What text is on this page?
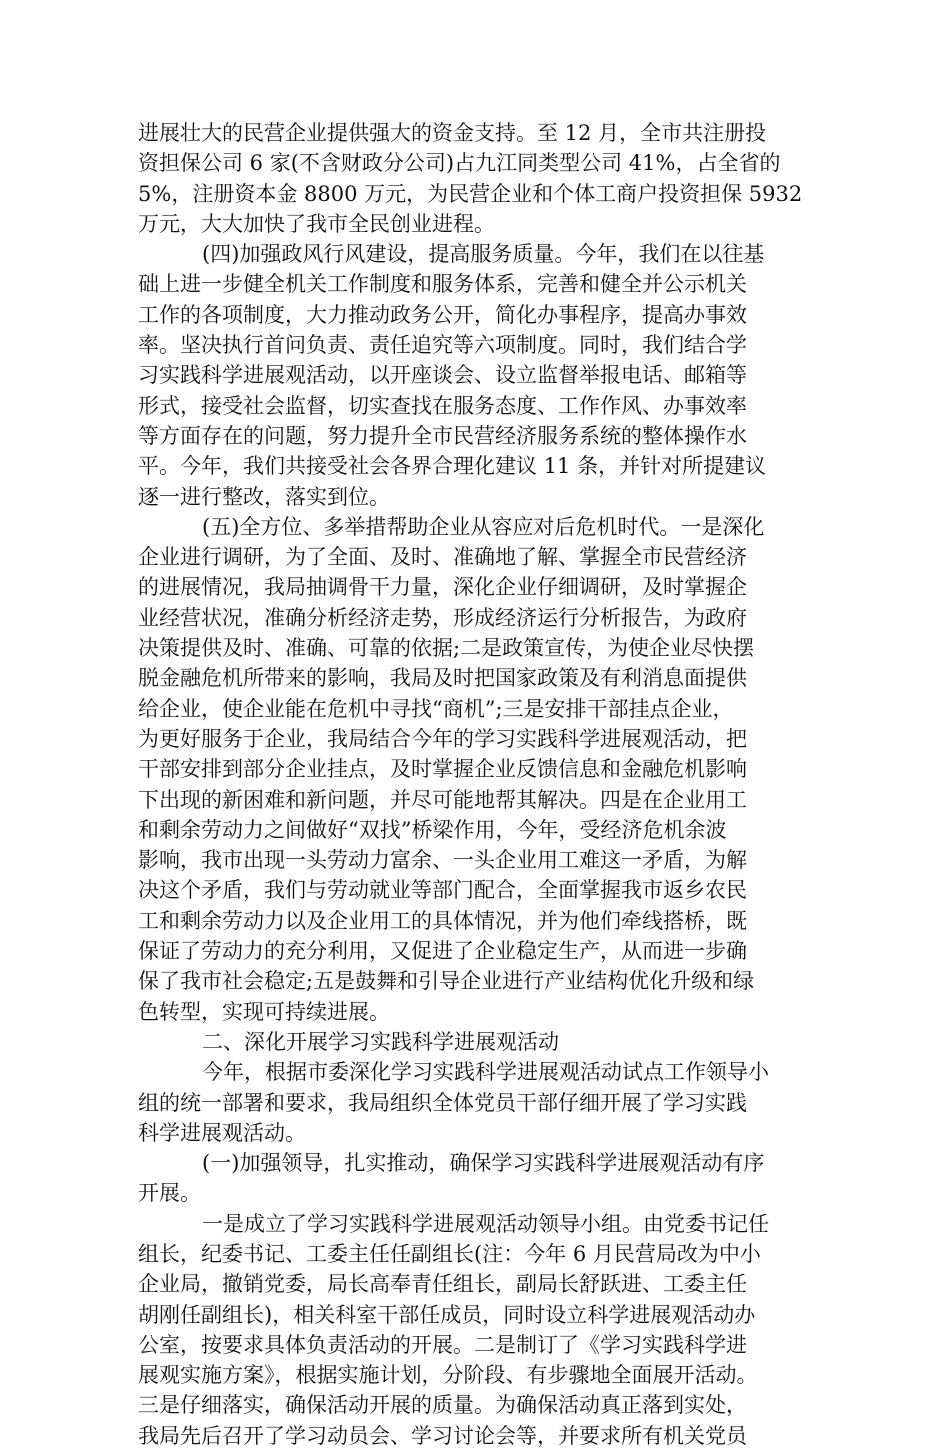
进展壮大的民营企业提供强大的资金支持。至 12 月，全市共注册投
资担保公司 6 家(不含财政分公司)占九江同类型公司 41%，占全省的
5%，注册资本金 8800 万元，为民营企业和个体工商户投资担保 5932
万元，大大加快了我市全民创业进程。
(四)加强政风行风建设，提高服务质量。今年，我们在以往基
础上进一步健全机关工作制度和服务体系，完善和健全并公示机关
工作的各项制度，大力推动政务公开，简化办事程序，提高办事效
率。坚决执行首问负责、责任追究等六项制度。同时，我们结合学
习实践科学进展观活动，以开座谈会、设立监督举报电话、邮箱等
形式，接受社会监督，切实查找在服务态度、工作作风、办事效率
等方面存在的问题，努力提升全市民营经济服务系统的整体操作水
平。今年，我们共接受社会各界合理化建议 11 条，并针对所提建议
逐一进行整改，落实到位。
(五)全方位、多举措帮助企业从容应对后危机时代。一是深化
企业进行调研，为了全面、及时、准确地了解、掌握全市民营经济
的进展情况，我局抽调骨干力量，深化企业仔细调研，及时掌握企
业经营状况，准确分析经济走势，形成经济运行分析报告，为政府
决策提供及时、准确、可靠的依据;二是政策宣传，为使企业尽快摆
脱金融危机所带来的影响，我局及时把国家政策及有利消息面提供
给企业，使企业能在危机中寻找“商机”;三是安排干部挂点企业，
为更好服务于企业，我局结合今年的学习实践科学进展观活动，把
干部安排到部分企业挂点，及时掌握企业反馈信息和金融危机影响
下出现的新困难和新问题，并尽可能地帮其解决。四是在企业用工
和剩余劳动力之间做好“双找”桥梁作用，今年，受经济危机余波
影响，我市出现一头劳动力富余、一头企业用工难这一矛盾，为解
决这个矛盾，我们与劳动就业等部门配合，全面掌握我市返乡农民
工和剩余劳动力以及企业用工的具体情况，并为他们牵线搭桥，既
保证了劳动力的充分利用，又促进了企业稳定生产，从而进一步确
保了我市社会稳定;五是鼓舞和引导企业进行产业结构优化升级和绿
色转型，实现可持续进展。
二、深化开展学习实践科学进展观活动
今年，根据市委深化学习实践科学进展观活动试点工作领导小
组的统一部署和要求，我局组织全体党员干部仔细开展了学习实践
科学进展观活动。
(一)加强领导，扎实推动，确保学习实践科学进展观活动有序
开展。
一是成立了学习实践科学进展观活动领导小组。由党委书记任
组长，纪委书记、工委主任任副组长(注：今年 6 月民营局改为中小
企业局，撤销党委，局长高奉青任组长，副局长舒跃进、工委主任
胡刚任副组长)，相关科室干部任成员，同时设立科学进展观活动办
公室，按要求具体负责活动的开展。二是制订了《学习实践科学进
展观实施方案》，根据实施计划，分阶段、有步骤地全面展开活动。
三是仔细落实，确保活动开展的质量。为确保活动真正落到实处，
我局先后召开了学习动员会、学习讨论会等，并要求所有机关党员
